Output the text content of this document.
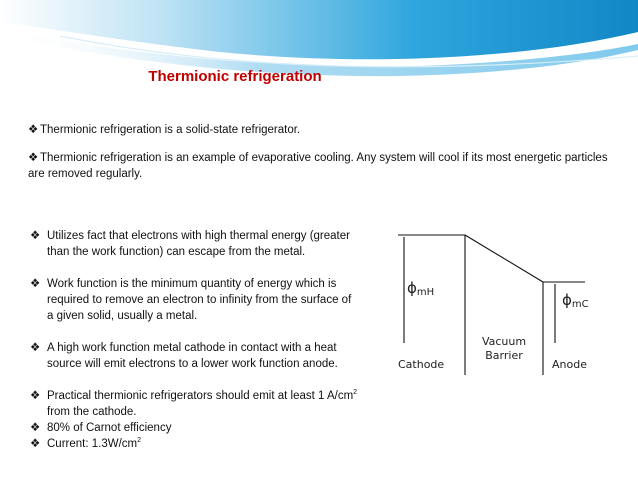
Thermionic refrigeration

❖ Thermionic refrigeration is a solid-state refrigerator.

❖ Thermionic refrigeration is an example of evaporative cooling. Any system will cool if its most energetic particles are removed regularly.

❖ Utilizes fact that electrons with high thermal energy (greater than the work function) can escape from the metal.
❖ Work function is the minimum quantity of energy which is required to remove an electron to infinity from the surface of a given solid, usually a metal.
❖ A high work function metal cathode in contact with a heat source will emit electrons to a lower work function anode.
❖ Practical thermionic refrigerators should emit at least 1 $A/cm^2$ from the cathode.
❖ 80% of Carnot efficiency
❖ Current: $1.3W/cm^2$
ϕmH	ϕmC
Cathode
Vacuum
Barrier
Anode
